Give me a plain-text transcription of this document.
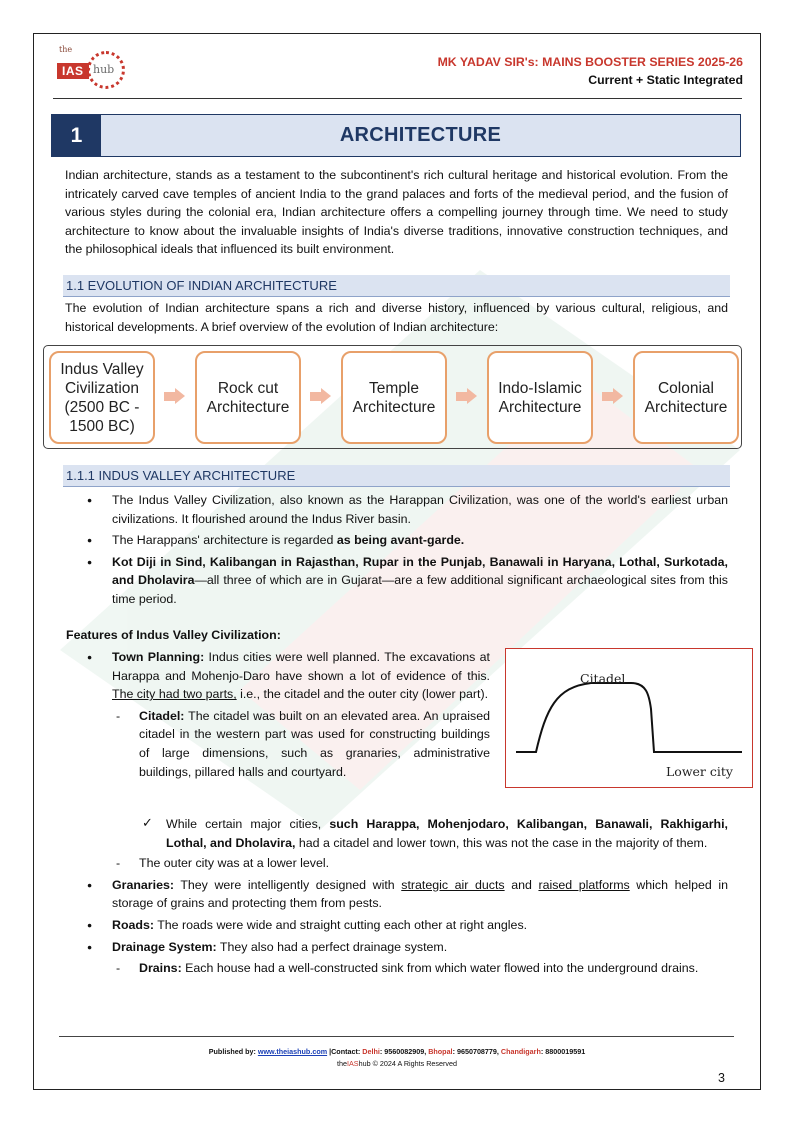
the
IAS hub
MK YADAV SIR's: MAINS BOOSTER SERIES 2025-26
Current + Static Integrated
1	ARCHITECTURE
Indian architecture, stands as a testament to the subcontinent's rich cultural heritage and historical evolution. From the intricately carved cave temples of ancient India to the grand palaces and forts of the medieval period, and the fusion of various styles during the colonial era, Indian architecture offers a compelling journey through time. We need to study architecture to know about the invaluable insights of India's diverse traditions, innovative construction techniques, and the philosophical ideals that influenced its built environment.
1.1 EVOLUTION OF INDIAN ARCHITECTURE
The evolution of Indian architecture spans a rich and diverse history, influenced by various cultural, religious, and historical developments. A brief overview of the evolution of Indian architecture:
Indus Valley Civilization (2500 BC - 1500 BC)
Rock cut Architecture
Temple Architecture
Indo-Islamic Architecture
Colonial Architecture
1.1.1 INDUS VALLEY ARCHITECTURE
● The Indus Valley Civilization, also known as the Harappan Civilization, was one of the world's earliest urban civilizations. It flourished around the Indus River basin.
● The Harappans' architecture is regarded as being avant-garde.
● Kot Diji in Sind, Kalibangan in Rajasthan, Rupar in the Punjab, Banawali in Haryana, Lothal, Surkotada, and Dholavira—all three of which are in Gujarat—are a few additional significant archaeological sites from this time period.
Features of Indus Valley Civilization:
Citadel
Lower city
● Town Planning: Indus cities were well planned. The excavations at Harappa and Mohenjo-Daro have shown a lot of evidence of this. The city had two parts, i.e., the citadel and the outer city (lower part).
- Citadel: The citadel was built on an elevated area. An upraised citadel in the western part was used for constructing buildings of large dimensions, such as granaries, administrative buildings, pillared halls and courtyard.
✓ While certain major cities, such Harappa, Mohenjodaro, Kalibangan, Banawali, Rakhigarhi, Lothal, and Dholavira, had a citadel and lower town, this was not the case in the majority of them.
- The outer city was at a lower level.
● Granaries: They were intelligently designed with strategic air ducts and raised platforms which helped in storage of grains and protecting them from pests.
● Roads: The roads were wide and straight cutting each other at right angles.
● Drainage System: They also had a perfect drainage system.
- Drains: Each house had a well-constructed sink from which water flowed into the underground drains.
Published by: www.theiashub.com |Contact: Delhi: 9560082909, Bhopal: 9650708779, Chandigarh: 8800019591
theIAShub © 2024 A Rights Reserved
3
